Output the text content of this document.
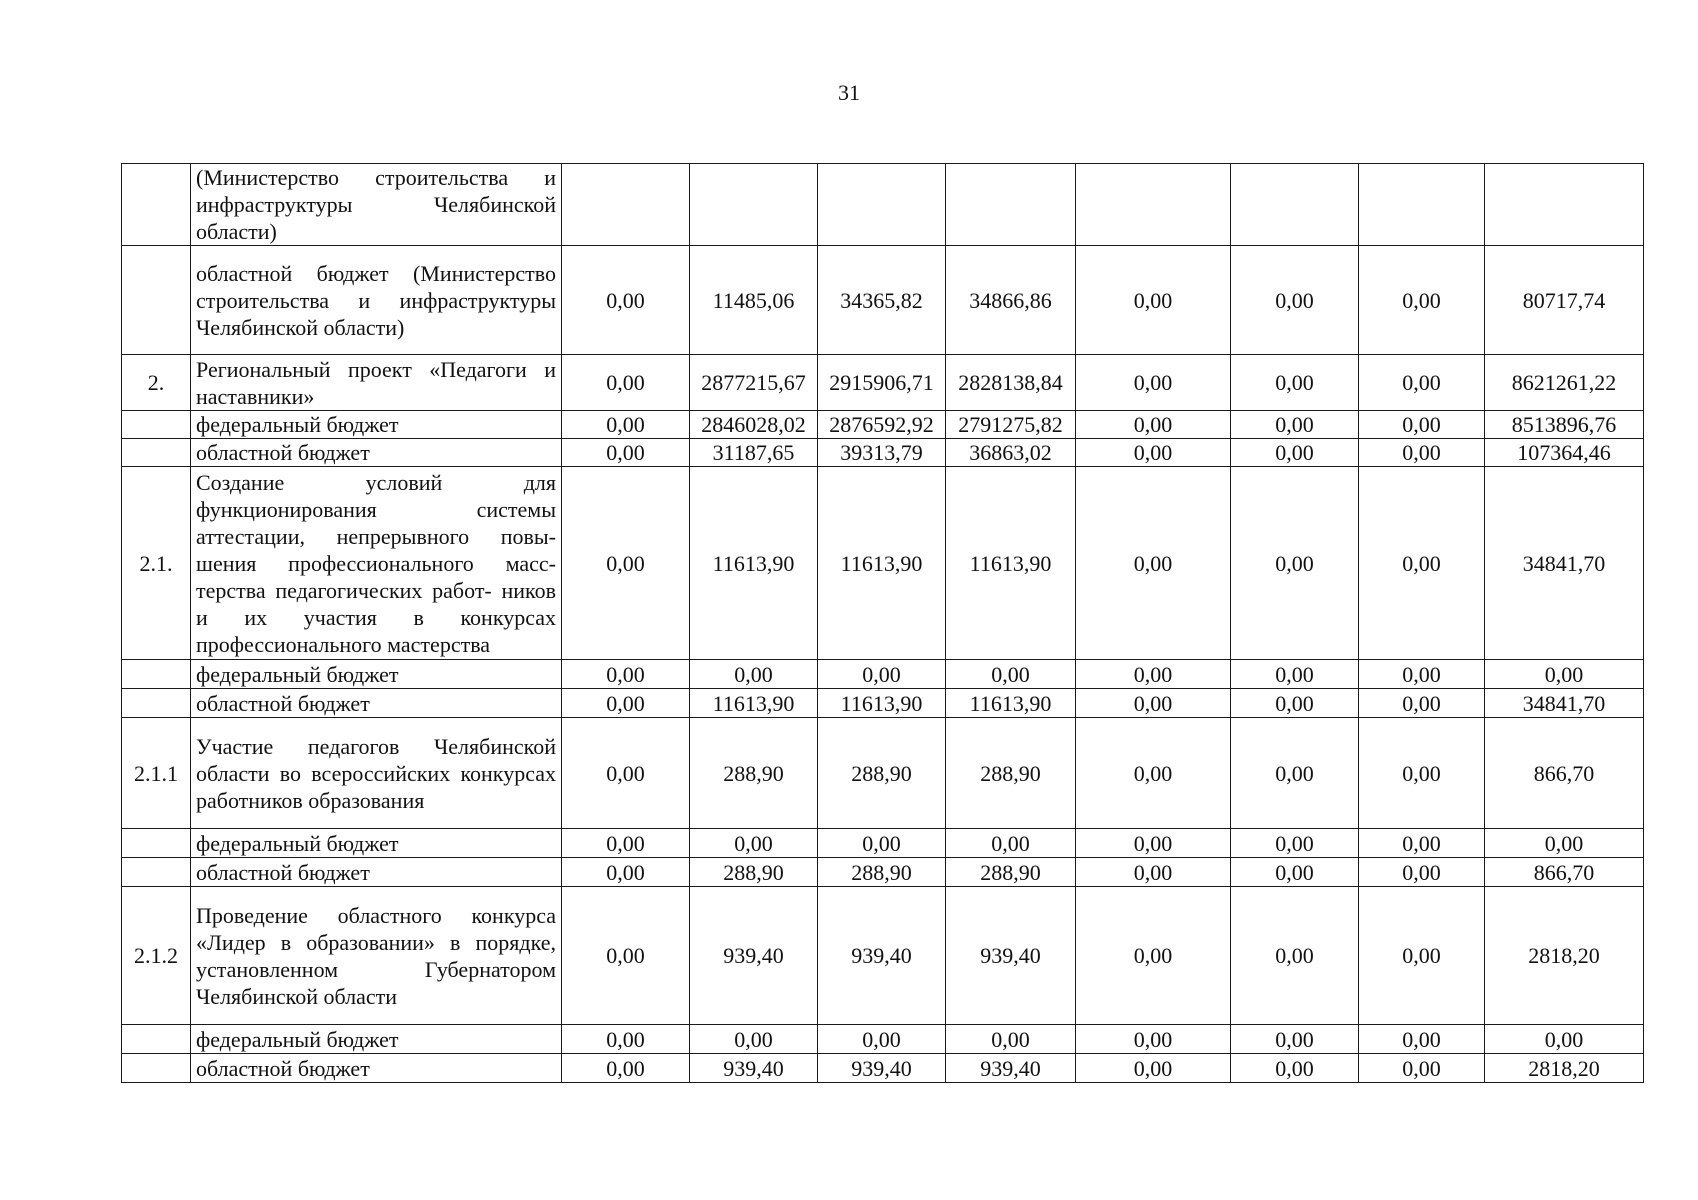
31

	(Министерство строительства и инфраструктуры Челябинской области)								

	областной бюджет (Министерство строительства и инфраструктуры Челябинской области)	0,00	11485,06	34365,82	34866,86	0,00	0,00	0,00	80717,74
2.	Региональный проект «Педагоги и наставники»	0,00	2877215,67	2915906,71	2828138,84	0,00	0,00	0,00	8621261,22

	федеральный бюджет	0,00	2846028,02	2876592,92	2791275,82	0,00	0,00	0,00	8513896,76

	областной бюджет	0,00	31187,65	39313,79	36863,02	0,00	0,00	0,00	107364,46
2.1.	Создание условий для функционирования системы аттестации, непрерывного повы- шения профессионального масс- терства педагогических работ- ников и их участия в конкурсах профессионального мастерства	0,00	11613,90	11613,90	11613,90	0,00	0,00	0,00	34841,70

	федеральный бюджет	0,00	0,00	0,00	0,00	0,00	0,00	0,00	0,00

	областной бюджет	0,00	11613,90	11613,90	11613,90	0,00	0,00	0,00	34841,70
2.1.1	Участие педагогов Челябинской области во всероссийских конкурсах работников образования	0,00	288,90	288,90	288,90	0,00	0,00	0,00	866,70

	федеральный бюджет	0,00	0,00	0,00	0,00	0,00	0,00	0,00	0,00

	областной бюджет	0,00	288,90	288,90	288,90	0,00	0,00	0,00	866,70
2.1.2	Проведение областного конкурса «Лидер в образовании» в порядке, установленном Губернатором Челябинской области	0,00	939,40	939,40	939,40	0,00	0,00	0,00	2818,20

	федеральный бюджет	0,00	0,00	0,00	0,00	0,00	0,00	0,00	0,00

	областной бюджет	0,00	939,40	939,40	939,40	0,00	0,00	0,00	2818,20
